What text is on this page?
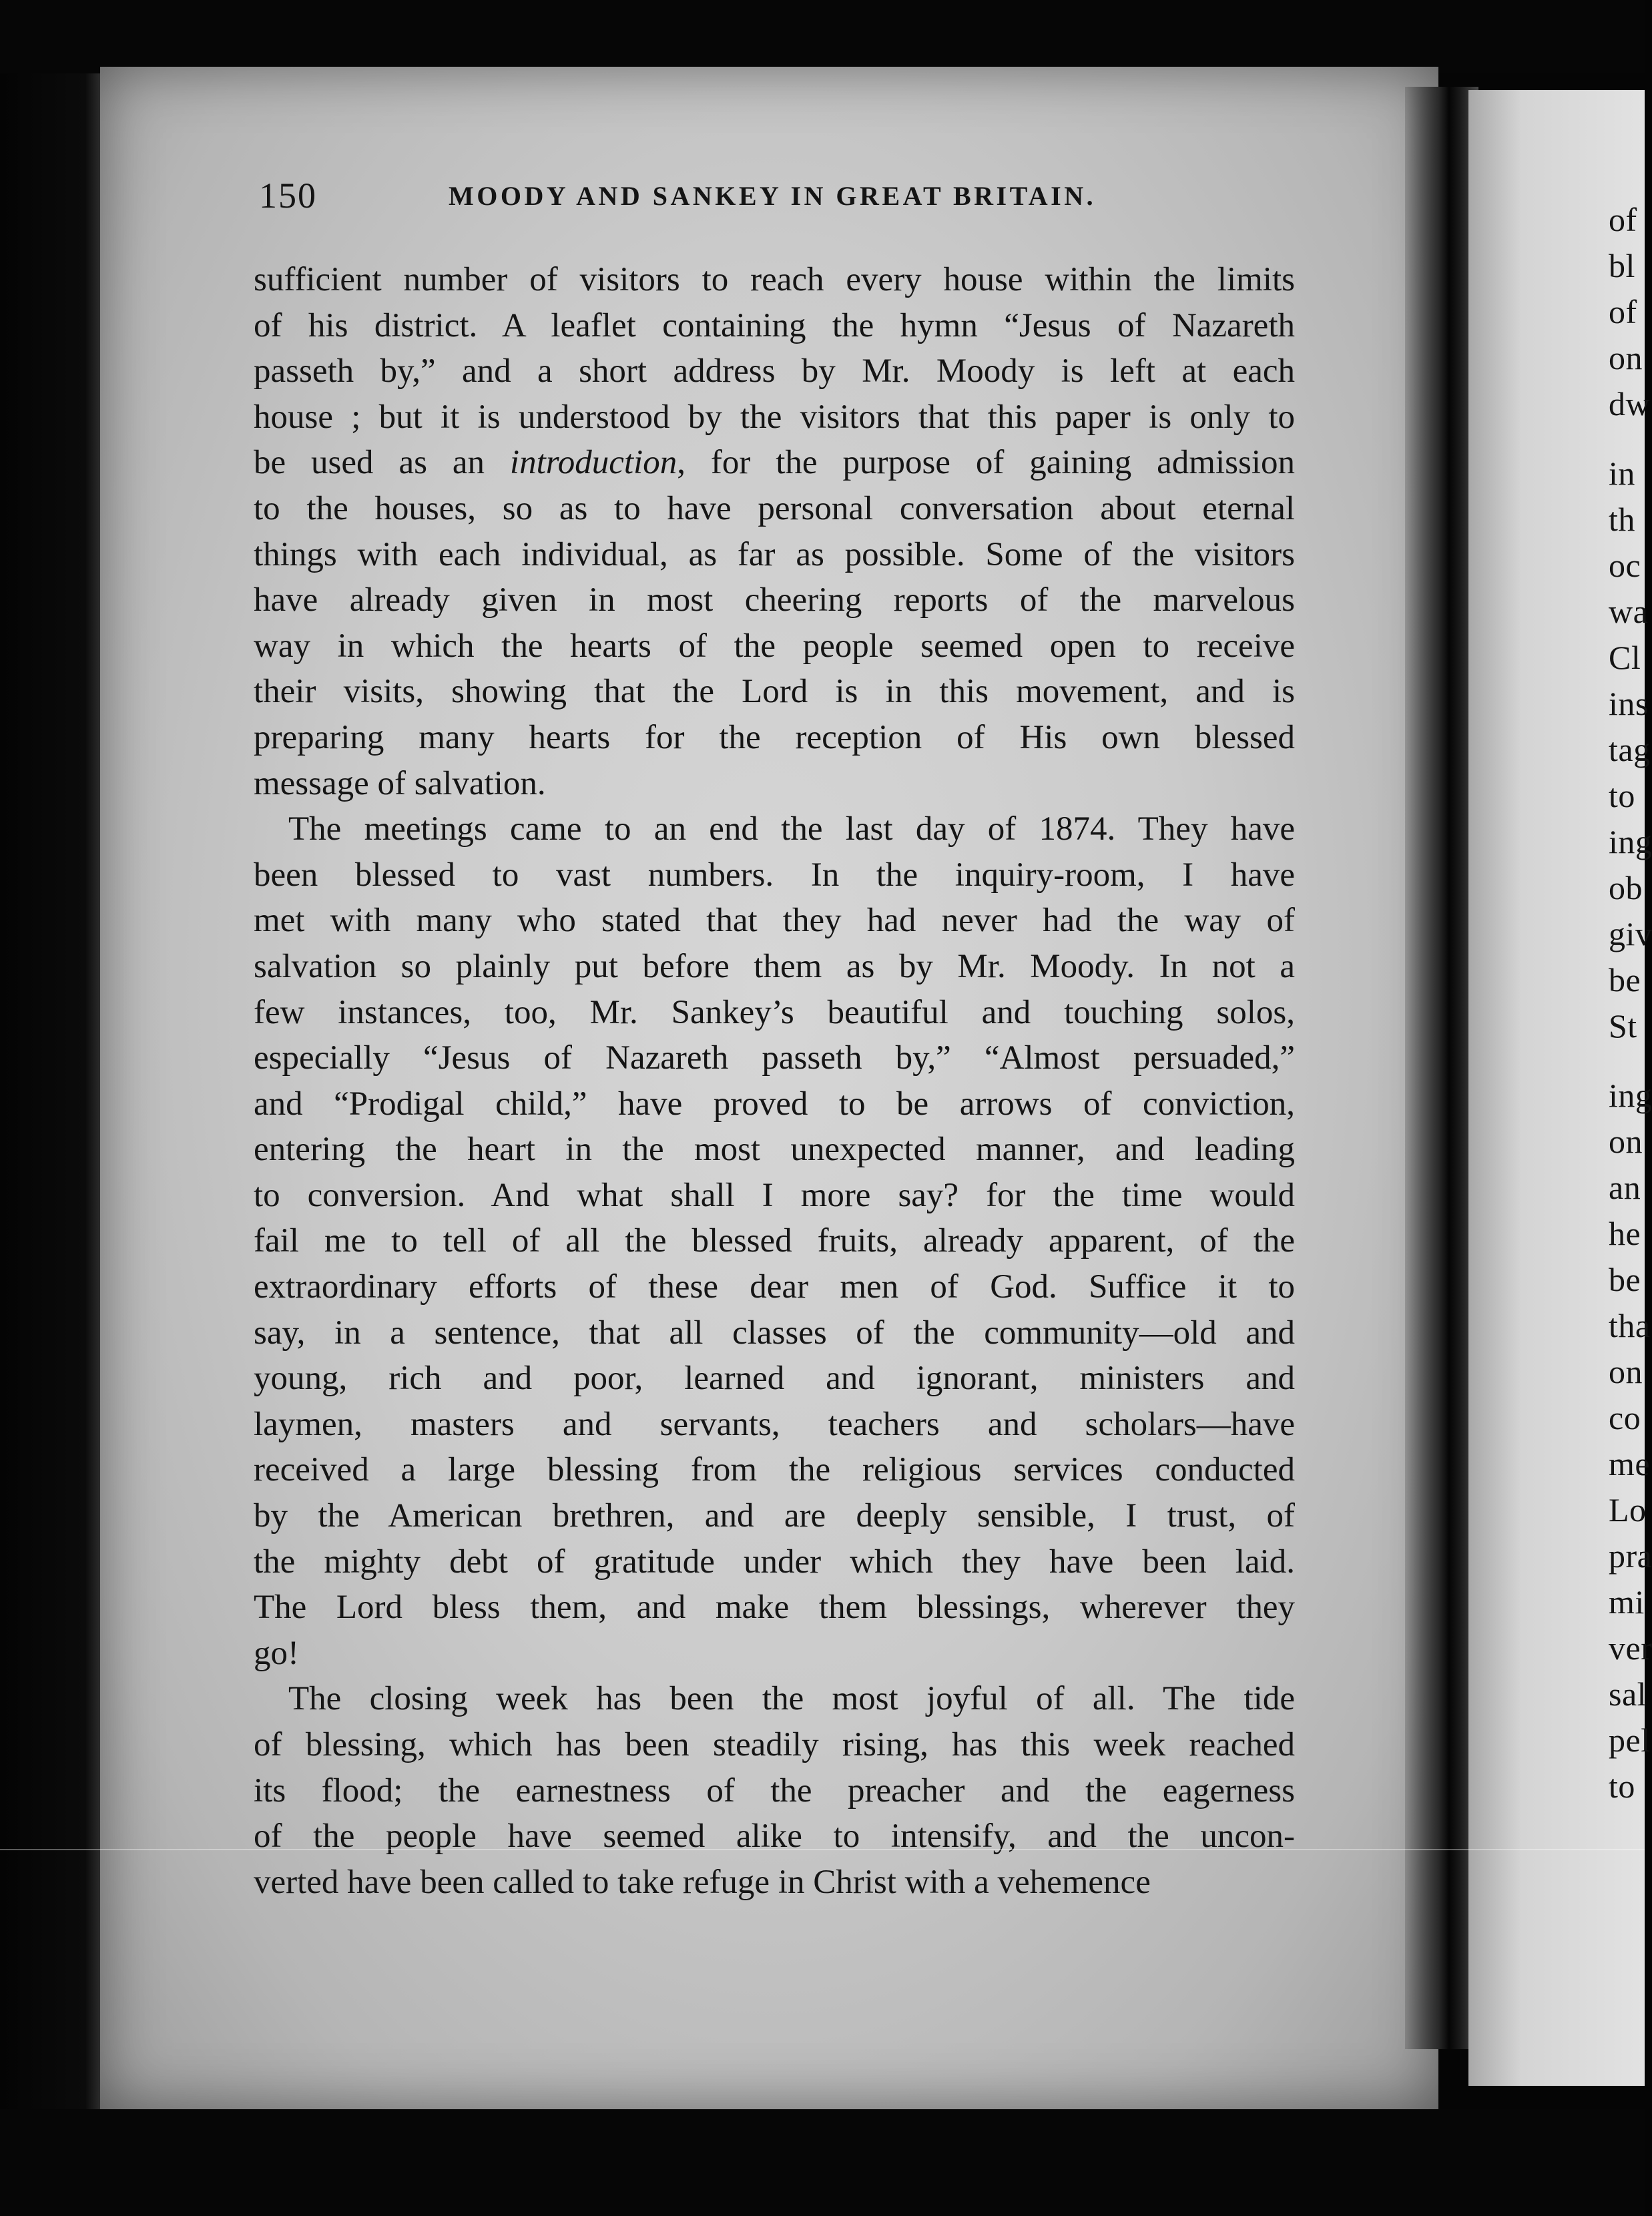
of
bl
of
on
dw
in
th
oc
wa
Cl
ins
tag
to
ing
ob
giv
be
St
ing
on
an
he
be
tha
on
co
me
Lo
pra
mi
ver
sal
pel
to
150	MOODY AND SANKEY IN GREAT BRITAIN.
sufficient number of visitors to reach every house within the limits
of his district. A leaflet containing the hymn “Jesus of Nazareth
passeth by,” and a short address by Mr. Moody is left at each
house ; but it is understood by the visitors that this paper is only to
be used as an introduction, for the purpose of gaining admission
to the houses, so as to have personal conversation about eternal
things with each individual, as far as possible. Some of the visitors
have already given in most cheering reports of the marvelous
way in which the hearts of the people seemed open to receive
their visits, showing that the Lord is in this movement, and is
preparing many hearts for the reception of His own blessed
message of salvation.
The meetings came to an end the last day of 1874. They have
been blessed to vast numbers. In the inquiry-room, I have
met with many who stated that they had never had the way of
salvation so plainly put before them as by Mr. Moody. In not a
few instances, too, Mr. Sankey’s beautiful and touching solos,
especially “Jesus of Nazareth passeth by,” “Almost persuaded,”
and “Prodigal child,” have proved to be arrows of conviction,
entering the heart in the most unexpected manner, and leading
to conversion. And what shall I more say? for the time would
fail me to tell of all the blessed fruits, already apparent, of the
extraordinary efforts of these dear men of God. Suffice it to
say, in a sentence, that all classes of the community—old and
young, rich and poor, learned and ignorant, ministers and
laymen, masters and servants, teachers and scholars—have
received a large blessing from the religious services conducted
by the American brethren, and are deeply sensible, I trust, of
the mighty debt of gratitude under which they have been laid.
The Lord bless them, and make them blessings, wherever they
go!
The closing week has been the most joyful of all. The tide
of blessing, which has been steadily rising, has this week reached
its flood; the earnestness of the preacher and the eagerness
of the people have seemed alike to intensify, and the uncon-
verted have been called to take refuge in Christ with a vehemence
